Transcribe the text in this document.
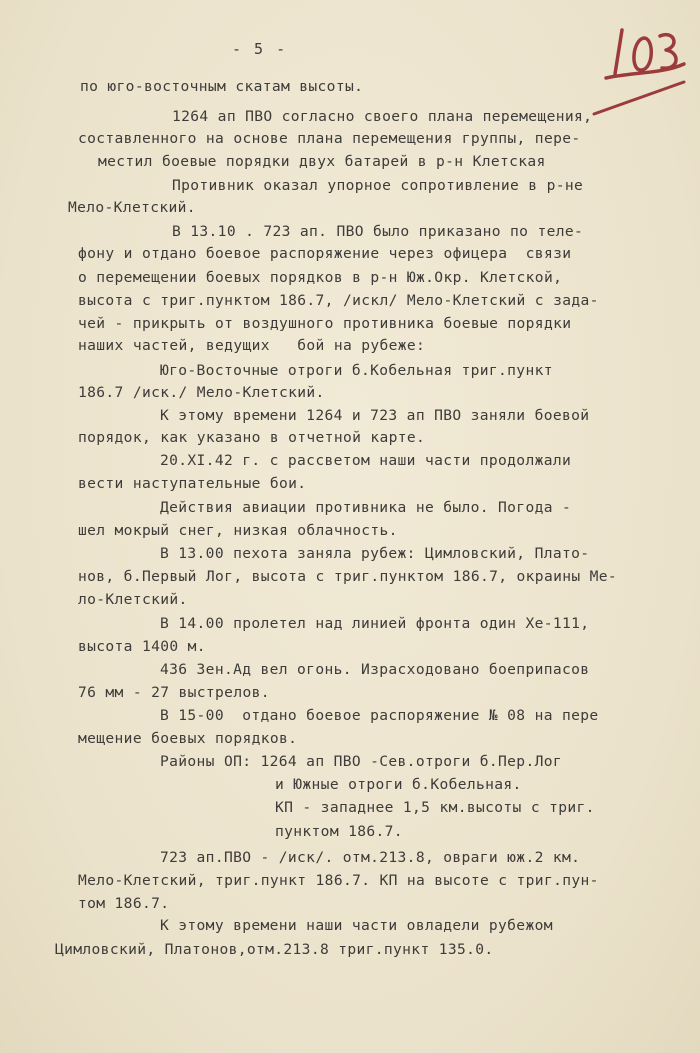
- 5 -
по юго-восточным скатам высоты.
1264 ап ПВО согласно своего плана перемещения,
составленного на основе плана перемещения группы, пере-
местил боевые порядки двух батарей в р-н Клетская
Противник оказал упорное сопротивление в р-не
Мело-Клетский.
В 13.10 . 723 ап. ПВО было приказано по теле-
фону и отдано боевое распоряжение через офицера  связи
о перемещении боевых порядков в р-н Юж.Окр. Клетской,
высота с триг.пунктом 186.7, /искл/ Мело-Клетский с зада-
чей - прикрыть от воздушного противника боевые порядки
наших частей, ведущих   бой на рубеже:
Юго-Восточные отроги б.Кобельная триг.пункт
186.7 /иск./ Мело-Клетский.
К этому времени 1264 и 723 ап ПВО заняли боевой
порядок, как указано в отчетной карте.
20.XI.42 г. с рассветом наши части продолжали
вести наступательные бои.
Действия авиации противника не было. Погода -
шел мокрый снег, низкая облачность.
В 13.00 пехота заняла рубеж: Цимловский, Плато-
нов, б.Первый Лог, высота с триг.пунктом 186.7, окраины Ме-
ло-Клетский.
В 14.00 пролетел над линией фронта один Хе-111,
высота 1400 м.
436 Зен.Ад вел огонь. Израсходовано боеприпасов
76 мм - 27 выстрелов.
В 15-00  отдано боевое распоряжение № 08 на пере
мещение боевых порядков.
Районы ОП: 1264 ап ПВО -Сев.отроги б.Пер.Лог
и Южные отроги б.Кобельная.
КП - западнее 1,5 км.высоты с триг.
пунктом 186.7.
723 ап.ПВО - /иск/. отм.213.8, овраги юж.2 км.
Мело-Клетский, триг.пункт 186.7. КП на высоте с триг.пун-
том 186.7.
К этому времени наши части овладели рубежом
Цимловский, Платонов,отм.213.8 триг.пункт 135.0.
